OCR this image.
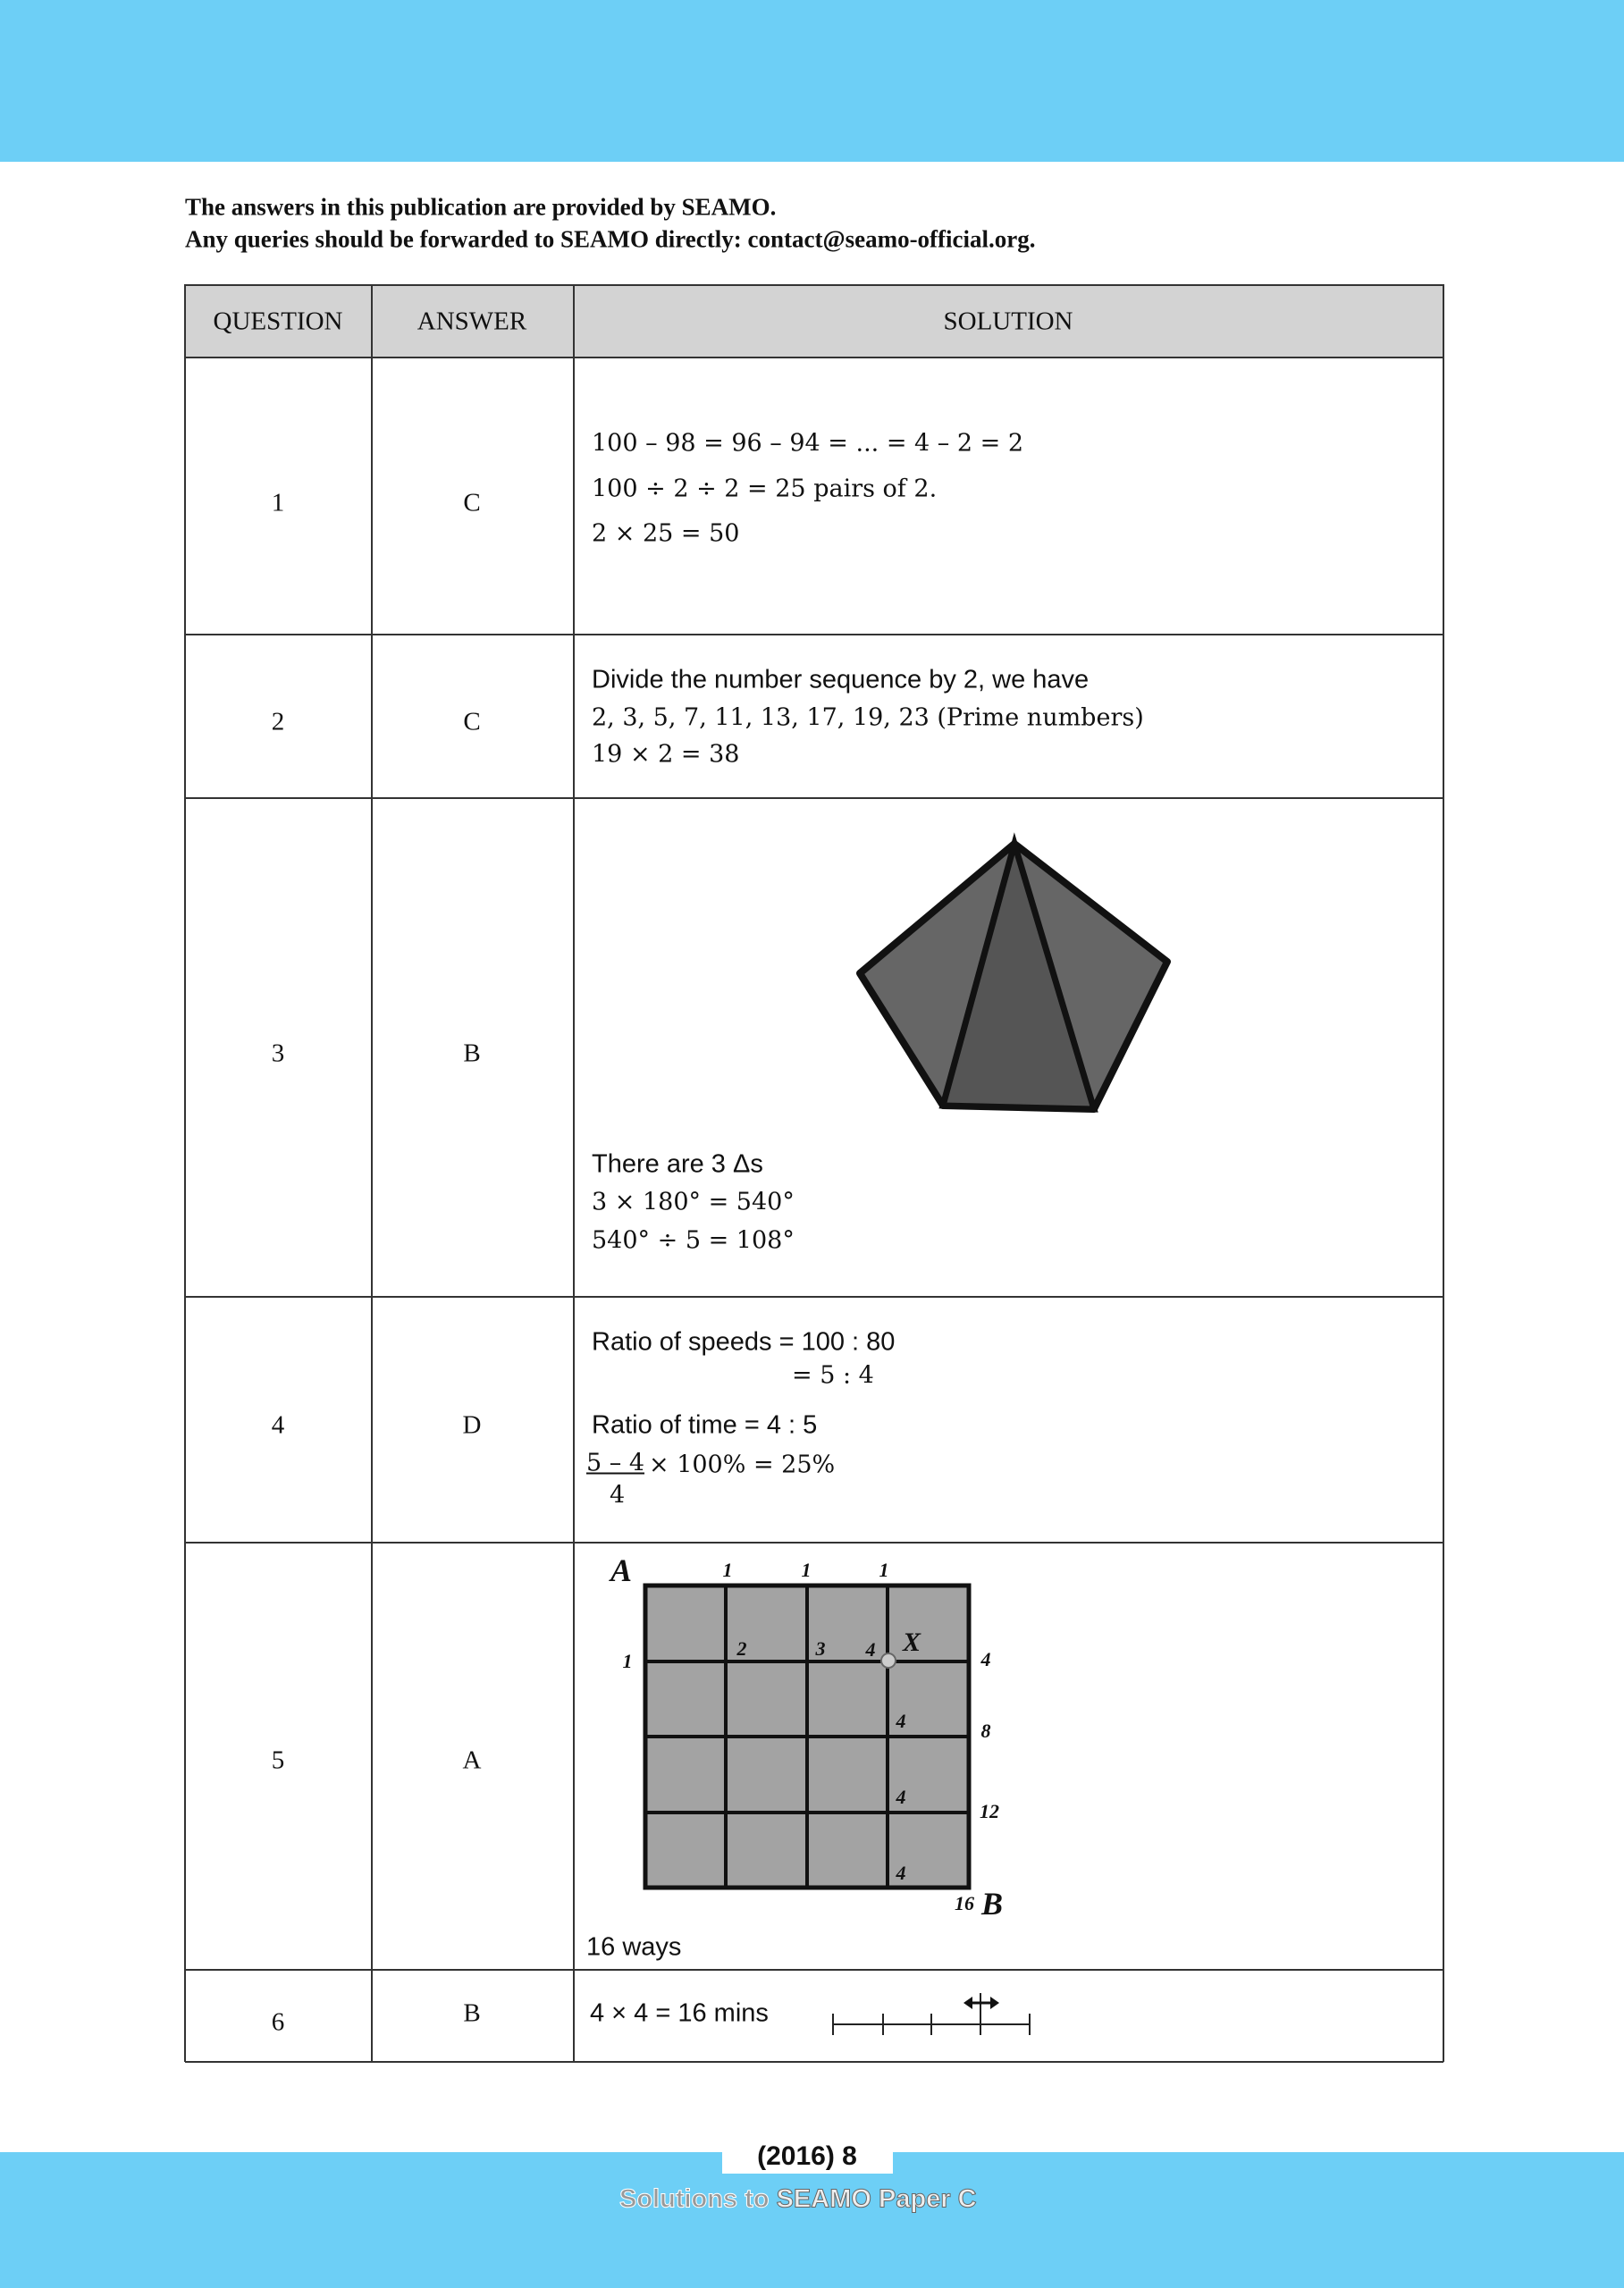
The answers in this publication are provided by SEAMO.
Any queries should be forwarded to SEAMO directly: contact@seamo-official.org.
QUESTION	ANSWER	SOLUTION
1	C
100 – 98 = 96 – 94 = ... = 4 – 2 = 2
100 ÷ 2 ÷ 2 = 25 pairs of 2.
2 × 25 = 50
2	C
Divide the number sequence by 2, we have
2, 3, 5, 7, 11, 13, 17, 19, 23 (Prime numbers)
19 × 2 = 38
3	B
There are 3 Δs
3 × 180° = 540°
540° ÷ 5 = 108°
4	D
Ratio of speeds = 100 : 80
= 5 : 4
Ratio of time = 4 : 5
5 – 4 × 100% = 25%
4
5	A
A	1	1	1
1
2	3 4 X
4
4
4
4
8
12
16 B
16 ways
6	B	4 × 4 = 16 mins
(2016) 8
Solutions to SEAMO Paper C
